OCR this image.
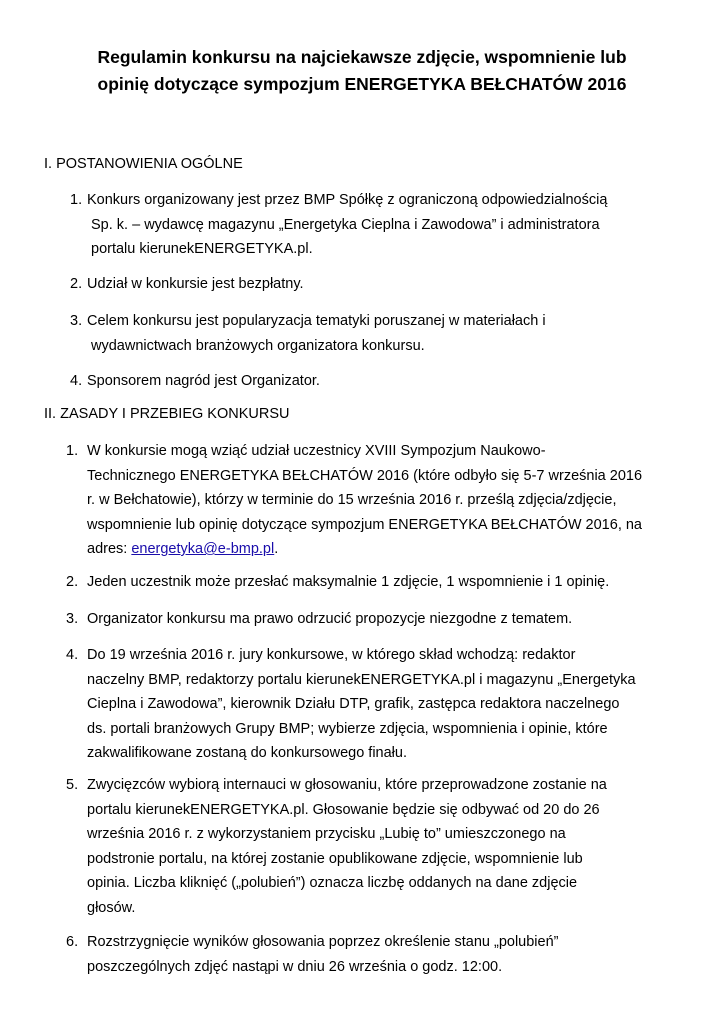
Regulamin konkursu na najciekawsze zdjęcie, wspomnienie lub
opinię dotyczące sympozjum ENERGETYKA BEŁCHATÓW 2016

I. POSTANOWIENIA OGÓLNE

1. Konkurs organizowany jest przez BMP Spółkę z ograniczoną odpowiedzialnością
Sp. k. – wydawcę magazynu „Energetyka Cieplna i Zawodowa” i administratora
portalu kierunekENERGETYKA.pl.
2. Udział w konkursie jest bezpłatny.
3. Celem konkursu jest popularyzacja tematyki poruszanej w materiałach i
wydawnictwach branżowych organizatora konkursu.
4. Sponsorem nagród jest Organizator.

II. ZASADY I PRZEBIEG KONKURSU

1. W konkursie mogą wziąć udział uczestnicy XVIII Sympozjum Naukowo-
Technicznego ENERGETYKA BEŁCHATÓW 2016 (które odbyło się 5-7 września 2016
r. w Bełchatowie), którzy w terminie do 15 września 2016 r. prześlą zdjęcia/zdjęcie,
wspomnienie lub opinię dotyczące sympozjum ENERGETYKA BEŁCHATÓW 2016, na
adres: energetyka@e-bmp.pl.
2. Jeden uczestnik może przesłać maksymalnie 1 zdjęcie, 1 wspomnienie i 1 opinię.
3. Organizator konkursu ma prawo odrzucić propozycje niezgodne z tematem.
4. Do 19 września 2016 r. jury konkursowe, w którego skład wchodzą: redaktor
naczelny BMP, redaktorzy portalu kierunekENERGETYKA.pl i magazynu „Energetyka
Cieplna i Zawodowa”, kierownik Działu DTP, grafik, zastępca redaktora naczelnego
ds. portali branżowych Grupy BMP; wybierze zdjęcia, wspomnienia i opinie, które
zakwalifikowane zostaną do konkursowego finału.
5. Zwycięzców wybiorą internauci w głosowaniu, które przeprowadzone zostanie na
portalu kierunekENERGETYKA.pl. Głosowanie będzie się odbywać od 20 do 26
września 2016 r. z wykorzystaniem przycisku „Lubię to” umieszczonego na
podstronie portalu, na której zostanie opublikowane zdjęcie, wspomnienie lub
opinia. Liczba kliknięć („polubień”) oznacza liczbę oddanych na dane zdjęcie
głosów.
6. Rozstrzygnięcie wyników głosowania poprzez określenie stanu „polubień”
poszczególnych zdjęć nastąpi w dniu 26 września o godz. 12:00.
